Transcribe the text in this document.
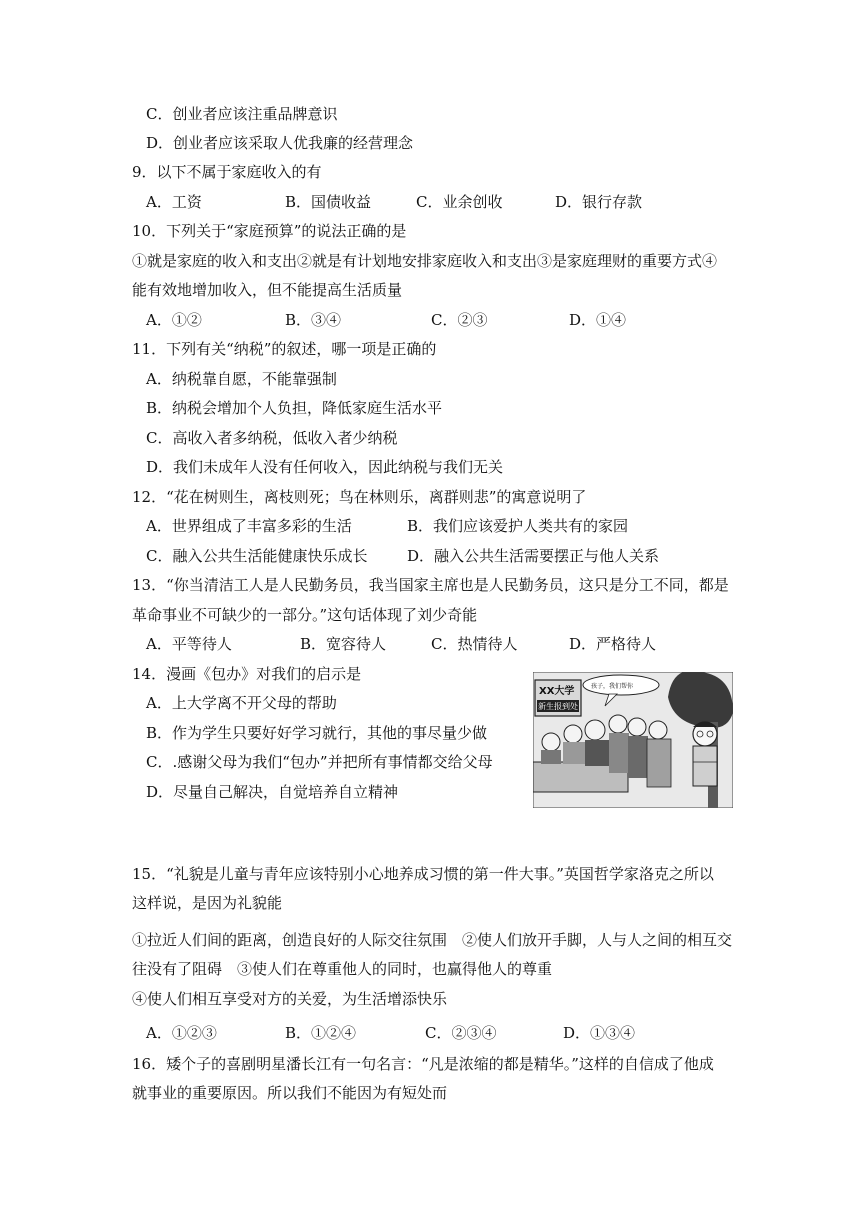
C．创业者应该注重品牌意识
D．创业者应该采取人优我廉的经营理念
9．以下不属于家庭收入的有
A．工资	B．国债收益	C．业余创收	D．银行存款
10．下列关于“家庭预算”的说法正确的是
①就是家庭的收入和支出②就是有计划地安排家庭收入和支出③是家庭理财的重要方式④
能有效地增加收入，但不能提高生活质量
A．①②	B．③④	C．②③	D．①④
11．下列有关“纳税”的叙述，哪一项是正确的
A．纳税靠自愿，不能靠强制
B．纳税会增加个人负担，降低家庭生活水平
C．高收入者多纳税，低收入者少纳税
D．我们未成年人没有任何收入，因此纳税与我们无关
12．“花在树则生，离枝则死；鸟在林则乐，离群则悲”的寓意说明了
A．世界组成了丰富多彩的生活	B．我们应该爱护人类共有的家园
C．融入公共生活能健康快乐成长	D．融入公共生活需要摆正与他人关系
13．“你当清洁工人是人民勤务员，我当国家主席也是人民勤务员，这只是分工不同，都是
革命事业不可缺少的一部分。”这句话体现了刘少奇能
A．平等待人	B．宽容待人	C．热情待人	D．严格待人
14．漫画《包办》对我们的启示是
A．上大学离不开父母的帮助
B．作为学生只要好好学习就行，其他的事尽量少做
C．.感谢父母为我们“包办”并把所有事情都交给父母
D．尽量自己解决，自觉培养自立精神
XX大学
新生报到处
孩子，我们帮你
15．“礼貌是儿童与青年应该特别小心地养成习惯的第一件大事。”英国哲学家洛克之所以
这样说，是因为礼貌能
①拉近人们间的距离，创造良好的人际交往氛围　②使人们放开手脚，人与人之间的相互交
往没有了阻碍　③使人们在尊重他人的同时，也赢得他人的尊重
④使人们相互享受对方的关爱，为生活增添快乐
A．①②③	B．①②④	C．②③④	D．①③④
16．矮个子的喜剧明星潘长江有一句名言：“凡是浓缩的都是精华。”这样的自信成了他成
就事业的重要原因。所以我们不能因为有短处而
